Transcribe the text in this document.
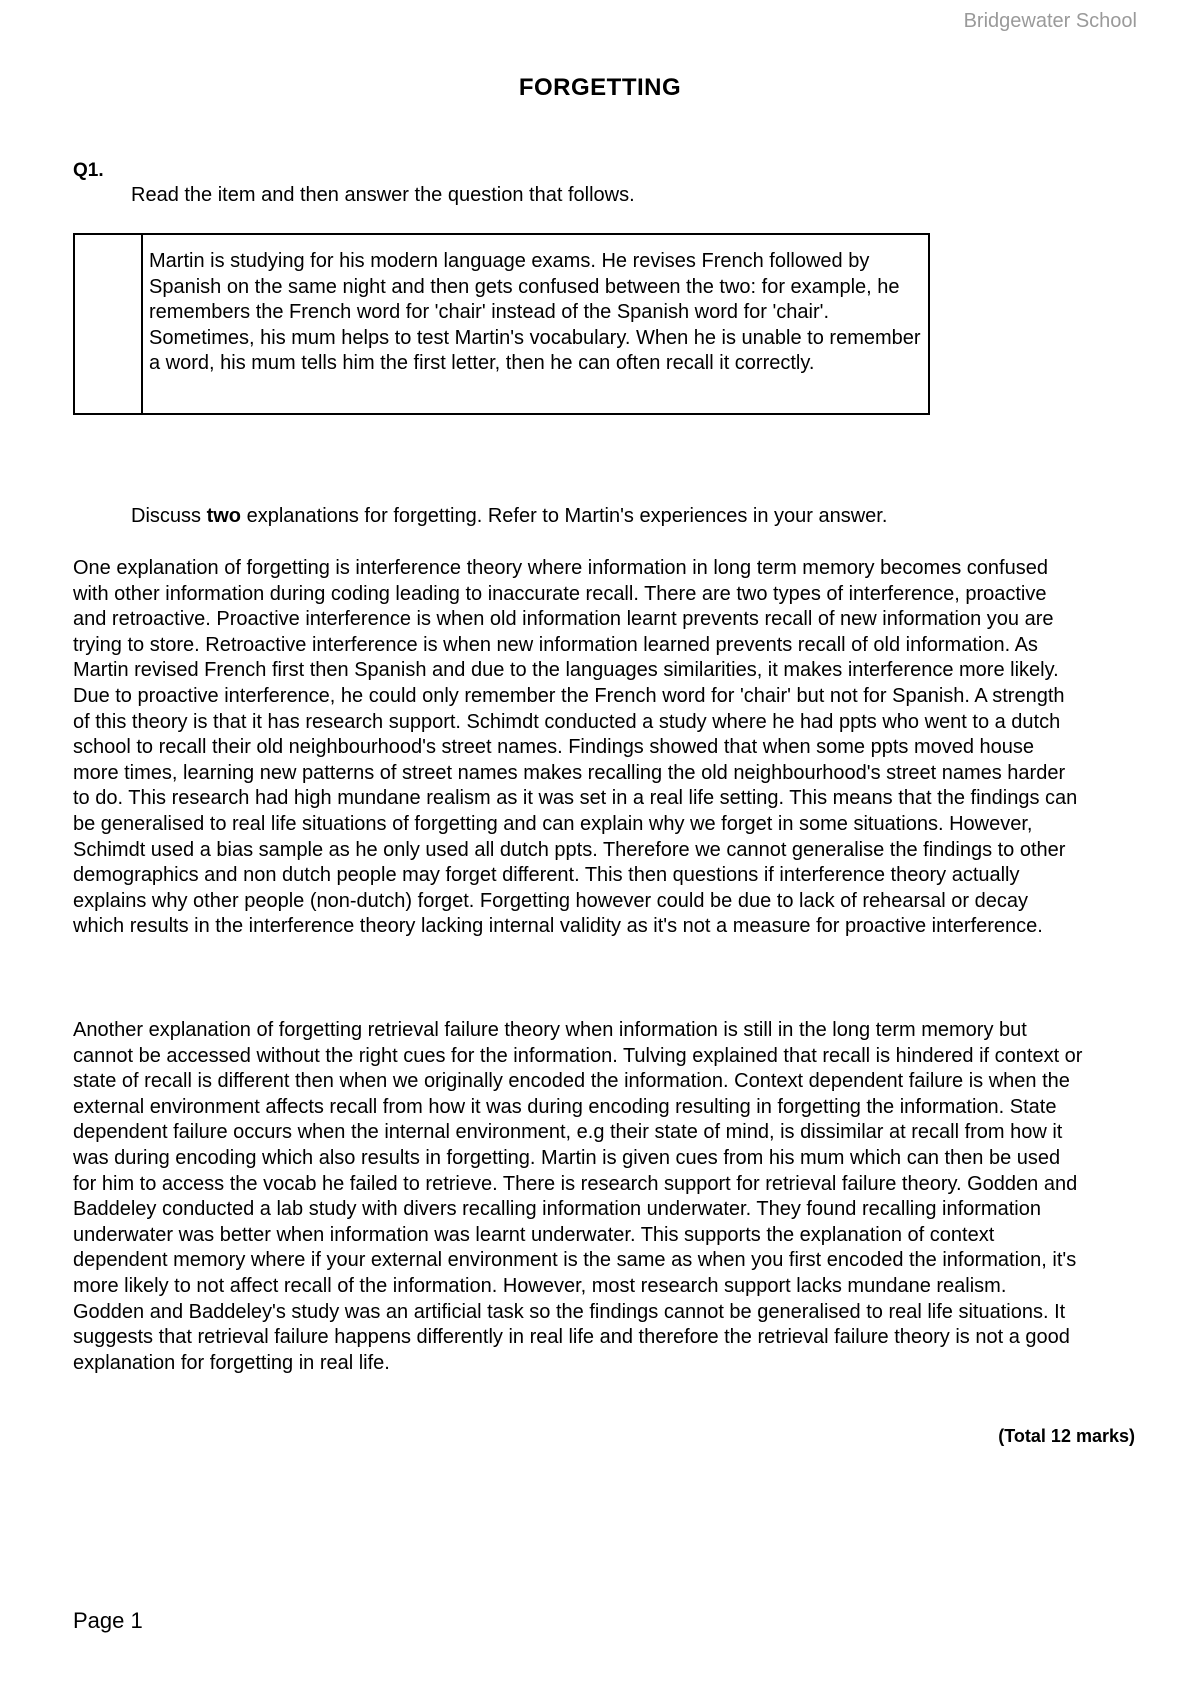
Bridgewater School
FORGETTING
Q1.
Read the item and then answer the question that follows.
Martin is studying for his modern language exams. He revises French followed by Spanish on the same night and then gets confused between the two: for example, he remembers the French word for 'chair' instead of the Spanish word for 'chair'. Sometimes, his mum helps to test Martin's vocabulary. When he is unable to remember a word, his mum tells him the first letter, then he can often recall it correctly.
Discuss two explanations for forgetting. Refer to Martin's experiences in your answer.

One explanation of forgetting is interference theory where information in long term memory becomes confused with other information during coding leading to inaccurate recall. There are two types of interference, proactive and retroactive. Proactive interference is when old information learnt prevents recall of new information you are trying to store. Retroactive interference is when new information learned prevents recall of old information. As Martin revised French first then Spanish and due to the languages similarities, it makes interference more likely. Due to proactive interference, he could only remember the French word for 'chair' but not for Spanish. A strength of this theory is that it has research support. Schimdt conducted a study where he had ppts who went to a dutch school to recall their old neighbourhood's street names. Findings showed that when some ppts moved house more times, learning new patterns of street names makes recalling the old neighbourhood's street names harder to do. This research had high mundane realism as it was set in a real life setting. This means that the findings can be generalised to real life situations of forgetting and can explain why we forget in some situations. However, Schimdt used a bias sample as he only used all dutch ppts. Therefore we cannot generalise the findings to other demographics and non dutch people may forget different. This then questions if interference theory actually explains why other people (non-dutch) forget. Forgetting however could be due to lack of rehearsal or decay which results in the interference theory lacking internal validity as it's not a measure for proactive interference.

Another explanation of forgetting retrieval failure theory when information is still in the long term memory but cannot be accessed without the right cues for the information. Tulving explained that recall is hindered if context or state of recall is different then when we originally encoded the information. Context dependent failure is when the external environment affects recall from how it was during encoding resulting in forgetting the information. State dependent failure occurs when the internal environment, e.g their state of mind, is dissimilar at recall from how it was during encoding which also results in forgetting. Martin is given cues from his mum which can then be used for him to access the vocab he failed to retrieve. There is research support for retrieval failure theory. Godden and Baddeley conducted a lab study with divers recalling information underwater. They found recalling information underwater was better when information was learnt underwater. This supports the explanation of context dependent memory where if your external environment is the same as when you first encoded the information, it's more likely to not affect recall of the information. However, most research support lacks mundane realism. Godden and Baddeley's study was an artificial task so the findings cannot be generalised to real life situations. It suggests that retrieval failure happens differently in real life and therefore the retrieval failure theory is not a good explanation for forgetting in real life.

(Total 12 marks)
Page 1
